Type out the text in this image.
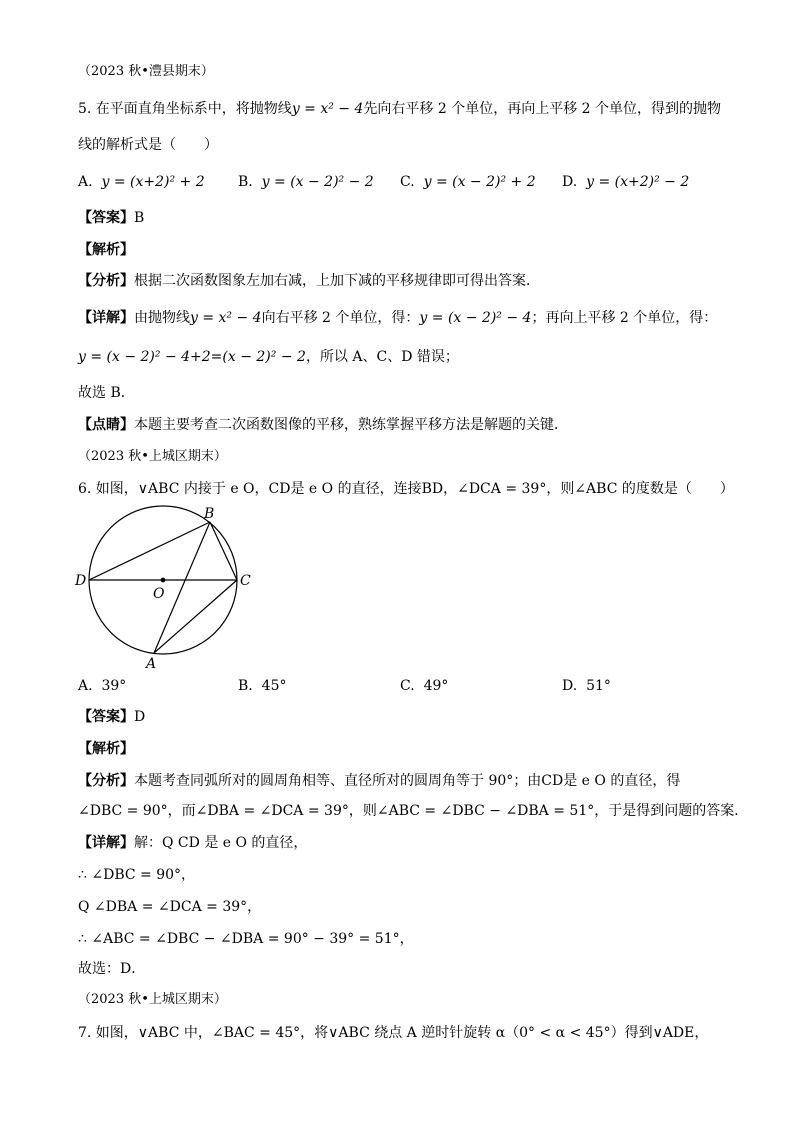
（2023 秋•澧县期末）
5. 在平面直角坐标系中，将抛物线y = x² − 4先向右平移 2 个单位，再向上平移 2 个单位，得到的抛物
线的解析式是（　　）
A. y = (x+2)² + 2 B. y = (x − 2)² − 2 C. y = (x − 2)² + 2 D. y = (x+2)² − 2
【答案】B
【解析】
【分析】根据二次函数图象左加右减，上加下减的平移规律即可得出答案．
【详解】由抛物线y = x² − 4向右平移 2 个单位，得：y = (x − 2)² − 4；再向上平移 2 个单位，得：
y = (x − 2)² − 4+2=(x − 2)² − 2，所以 A、C、D 错误；
故选 B．
【点睛】本题主要考查二次函数图像的平移，熟练掌握平移方法是解题的关键．
（2023 秋•上城区期末）
6. 如图，∨ABC 内接于 e O，CD是 e O 的直径，连接BD，∠DCA = 39°，则∠ABC 的度数是（　　）
B
D
O
C
A
A. 39°	B. 45°	C. 49°	D. 51°
【答案】D
【解析】
【分析】本题考查同弧所对的圆周角相等、直径所对的圆周角等于 90°；由CD是 e O 的直径，得
∠DBC = 90°，而∠DBA = ∠DCA = 39°，则∠ABC = ∠DBC − ∠DBA = 51°，于是得到问题的答案．
【详解】解：Q CD 是 e O 的直径，
∴ ∠DBC = 90°，
Q ∠DBA = ∠DCA = 39°，
∴ ∠ABC = ∠DBC − ∠DBA = 90° − 39° = 51°，
故选：D．
（2023 秋•上城区期末）
7. 如图，∨ABC 中，∠BAC = 45°，将∨ABC 绕点 A 逆时针旋转 α（0° < α < 45°）得到∨ADE，
